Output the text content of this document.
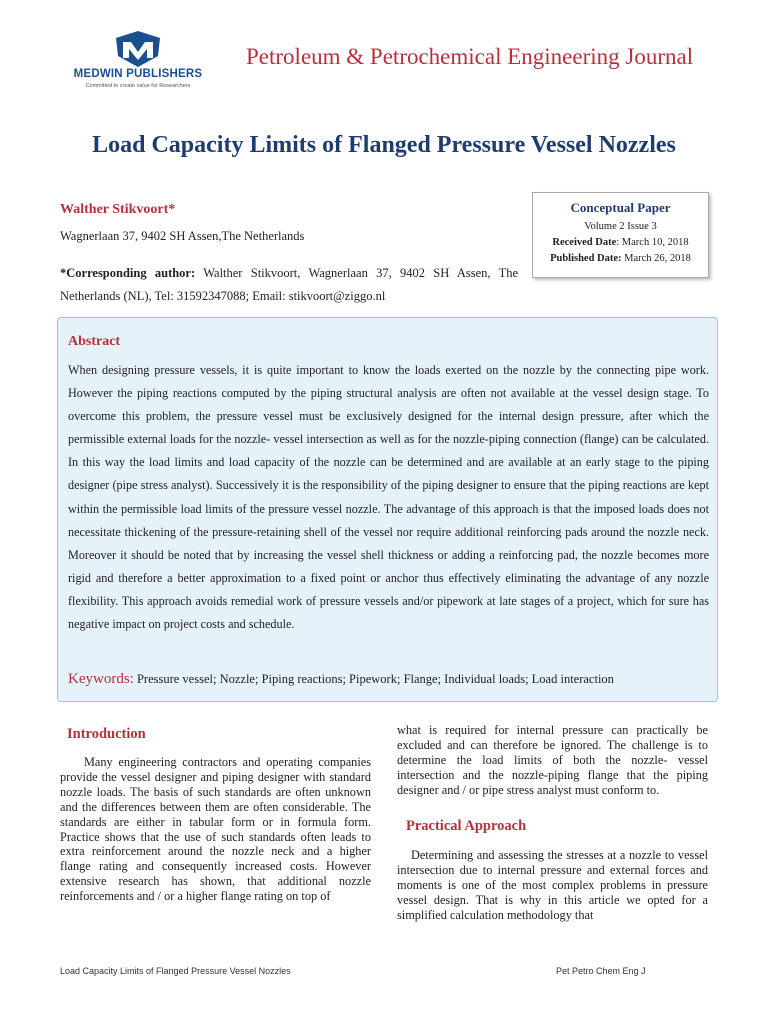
MEDWIN PUBLISHERS
Committed to create value for Researchers
Petroleum & Petrochemical Engineering Journal
Load Capacity Limits of Flanged Pressure Vessel Nozzles
Walther Stikvoort*
Wagnerlaan 37, 9402 SH Assen,The Netherlands
*Corresponding author: Walther Stikvoort, Wagnerlaan 37, 9402 SH Assen, The Netherlands (NL), Tel: 31592347088; Email: stikvoort@ziggo.nl
Conceptual Paper
Volume 2 Issue 3
Received Date: March 10, 2018
Published Date: March 26, 2018
Abstract
When designing pressure vessels, it is quite important to know the loads exerted on the nozzle by the connecting pipe work. However the piping reactions computed by the piping structural analysis are often not available at the vessel design stage. To overcome this problem, the pressure vessel must be exclusively designed for the internal design pressure, after which the permissible external loads for the nozzle- vessel intersection as well as for the nozzle-piping connection (flange) can be calculated. In this way the load limits and load capacity of the nozzle can be determined and are available at an early stage to the piping designer (pipe stress analyst). Successively it is the responsibility of the piping designer to ensure that the piping reactions are kept within the permissible load limits of the pressure vessel nozzle. The advantage of this approach is that the imposed loads does not necessitate thickening of the pressure-retaining shell of the vessel nor require additional reinforcing pads around the nozzle neck. Moreover it should be noted that by increasing the vessel shell thickness or adding a reinforcing pad, the nozzle becomes more rigid and therefore a better approximation to a fixed point or anchor thus effectively eliminating the advantage of any nozzle flexibility. This approach avoids remedial work of pressure vessels and/or pipework at late stages of a project, which for sure has negative impact on project costs and schedule.
Keywords: Pressure vessel; Nozzle; Piping reactions; Pipework; Flange; Individual loads; Load interaction
Introduction
Many engineering contractors and operating companies provide the vessel designer and piping designer with standard nozzle loads. The basis of such standards are often unknown and the differences between them are often considerable. The standards are either in tabular form or in formula form. Practice shows that the use of such standards often leads to extra reinforcement around the nozzle neck and a higher flange rating and consequently increased costs. However extensive research has shown, that additional nozzle reinforcements and / or a higher flange rating on top of
what is required for internal pressure can practically be excluded and can therefore be ignored. The challenge is to determine the load limits of both the nozzle- vessel intersection and the nozzle-piping flange that the piping designer and / or pipe stress analyst must conform to.
Practical Approach
Determining and assessing the stresses at a nozzle to vessel intersection due to internal pressure and external forces and moments is one of the most complex problems in pressure vessel design. That is why in this article we opted for a simplified calculation methodology that
Load Capacity Limits of Flanged Pressure Vessel Nozzles	Pet Petro Chem Eng J
